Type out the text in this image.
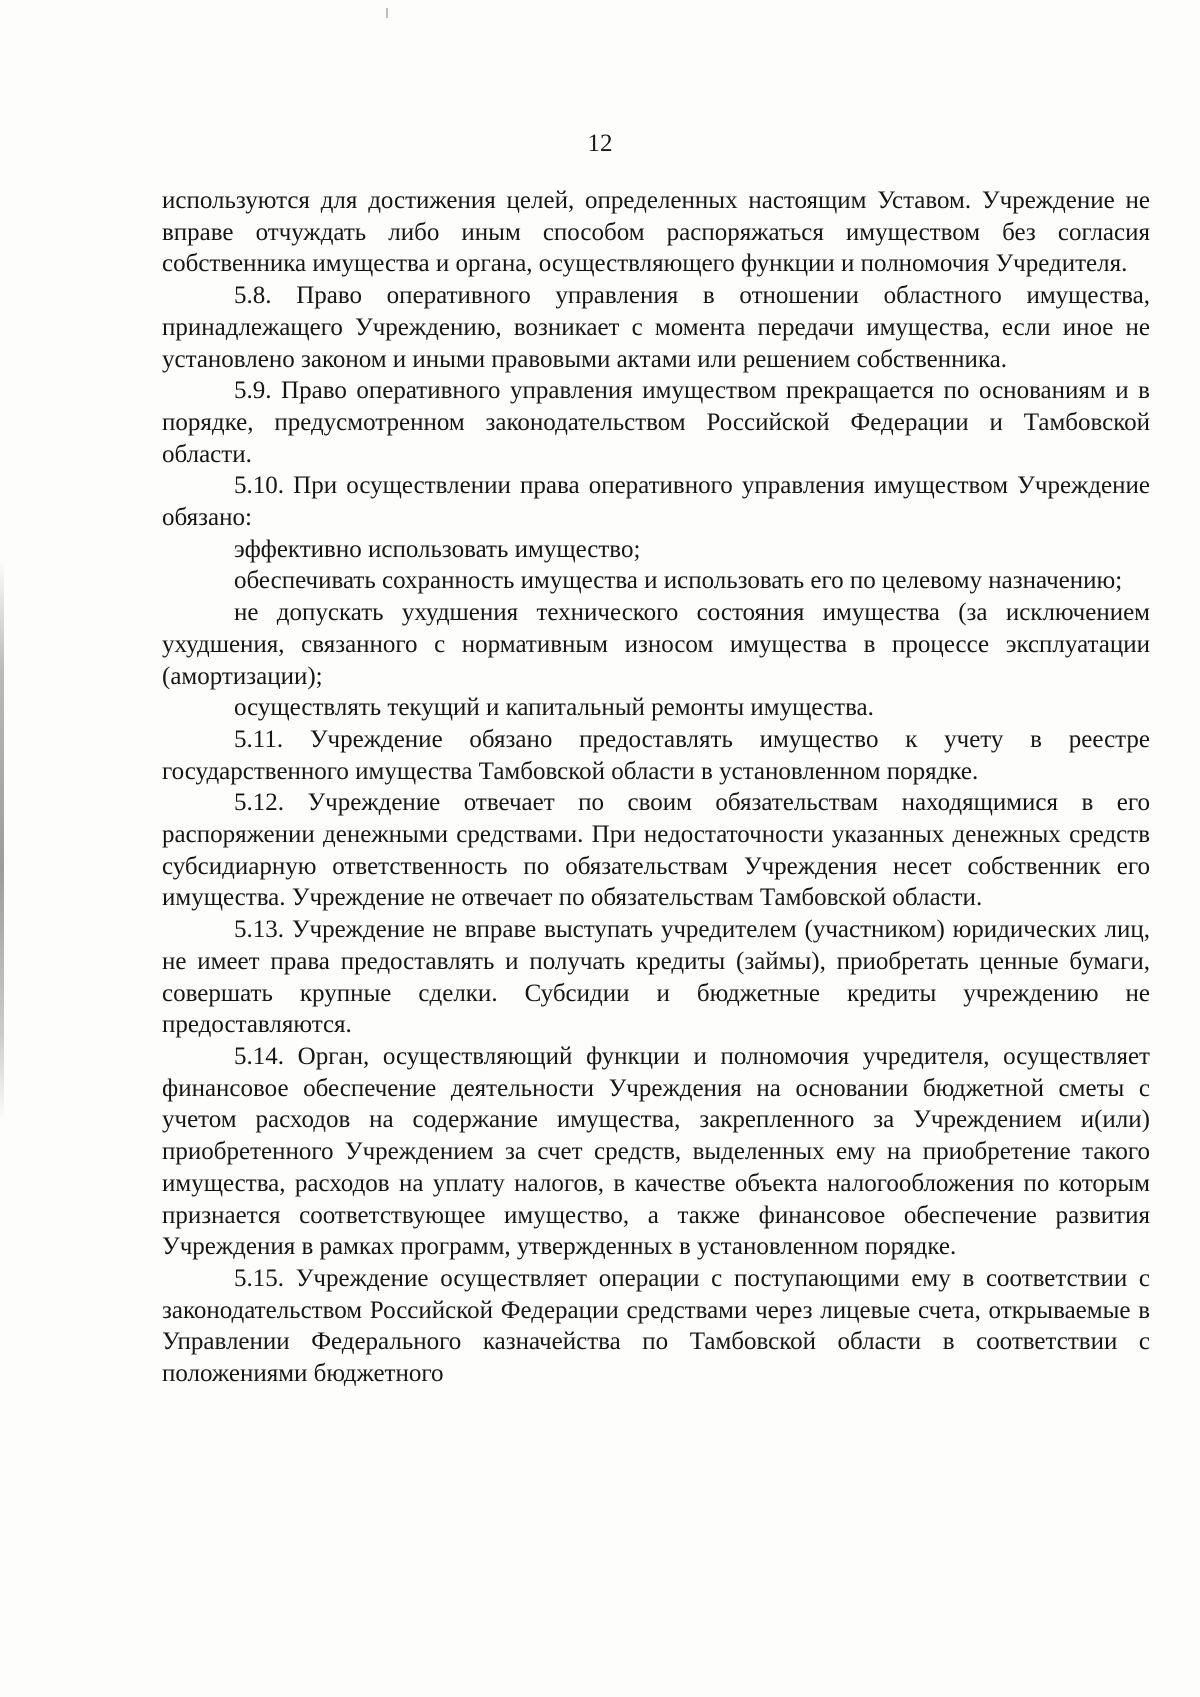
12

используются для достижения целей, определенных настоящим Уставом. Учреждение не вправе отчуждать либо иным способом распоряжаться имуществом без согласия собственника имущества и органа, осуществляющего функции и полномочия Учредителя.

5.8. Право оперативного управления в отношении областного имущества, принадлежащего Учреждению, возникает с момента передачи имущества, если иное не установлено законом и иными правовыми актами или решением собственника.

5.9. Право оперативного управления имуществом прекращается по основаниям и в порядке, предусмотренном законодательством Российской Федерации и Тамбовской области.

5.10. При осуществлении права оперативного управления имуществом Учреждение обязано:

эффективно использовать имущество;

обеспечивать сохранность имущества и использовать его по целевому назначению;

не допускать ухудшения технического состояния имущества (за исключением ухудшения, связанного с нормативным износом имущества в процессе эксплуатации (амортизации);

осуществлять текущий и капитальный ремонты имущества.

5.11. Учреждение обязано предоставлять имущество к учету в реестре государственного имущества Тамбовской области в установленном порядке.

5.12. Учреждение отвечает по своим обязательствам находящимися в его распоряжении денежными средствами. При недостаточности указанных денежных средств субсидиарную ответственность по обязательствам Учреждения несет собственник его имущества. Учреждение не отвечает по обязательствам Тамбовской области.

5.13. Учреждение не вправе выступать учредителем (участником) юридических лиц, не имеет права предоставлять и получать кредиты (займы), приобретать ценные бумаги, совершать крупные сделки. Субсидии и бюджетные кредиты учреждению не предоставляются.

5.14. Орган, осуществляющий функции и полномочия учредителя, осуществляет финансовое обеспечение деятельности Учреждения на основании бюджетной сметы с учетом расходов на содержание имущества, закрепленного за Учреждением и(или) приобретенного Учреждением за счет средств, выделенных ему на приобретение такого имущества, расходов на уплату налогов, в качестве объекта налогообложения по которым признается соответствующее имущество, а также финансовое обеспечение развития Учреждения в рамках программ, утвержденных в установленном порядке.

5.15. Учреждение осуществляет операции с поступающими ему в соответствии с законодательством Российской Федерации средствами через лицевые счета, открываемые в Управлении Федерального казначейства по Тамбовской области в соответствии с положениями бюджетного
